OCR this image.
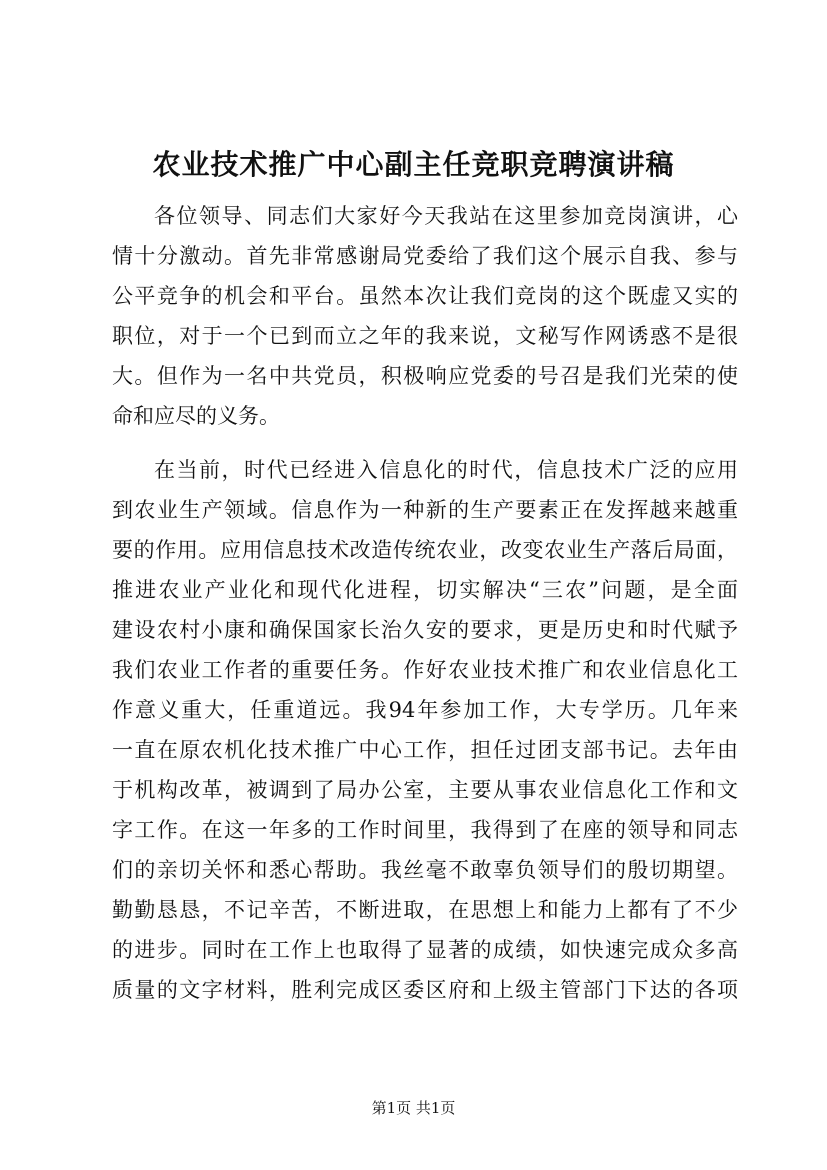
农业技术推广中心副主任竞职竞聘演讲稿
各位领导、同志们大家好今天我站在这里参加竞岗演讲，心
情十分激动。首先非常感谢局党委给了我们这个展示自我、参与
公平竞争的机会和平台。虽然本次让我们竞岗的这个既虚又实的
职位，对于一个已到而立之年的我来说，文秘写作网诱惑不是很
大。但作为一名中共党员，积极响应党委的号召是我们光荣的使
命和应尽的义务。
在当前，时代已经进入信息化的时代，信息技术广泛的应用
到农业生产领域。信息作为一种新的生产要素正在发挥越来越重
要的作用。应用信息技术改造传统农业，改变农业生产落后局面，
推进农业产业化和现代化进程，切实解决“三农”问题，是全面
建设农村小康和确保国家长治久安的要求，更是历史和时代赋予
我们农业工作者的重要任务。作好农业技术推广和农业信息化工
作意义重大，任重道远。我94年参加工作，大专学历。几年来
一直在原农机化技术推广中心工作，担任过团支部书记。去年由
于机构改革，被调到了局办公室，主要从事农业信息化工作和文
字工作。在这一年多的工作时间里，我得到了在座的领导和同志
们的亲切关怀和悉心帮助。我丝毫不敢辜负领导们的殷切期望。
勤勤恳恳，不记辛苦，不断进取，在思想上和能力上都有了不少
的进步。同时在工作上也取得了显著的成绩，如快速完成众多高
质量的文字材料，胜利完成区委区府和上级主管部门下达的各项
第1页 共1页
